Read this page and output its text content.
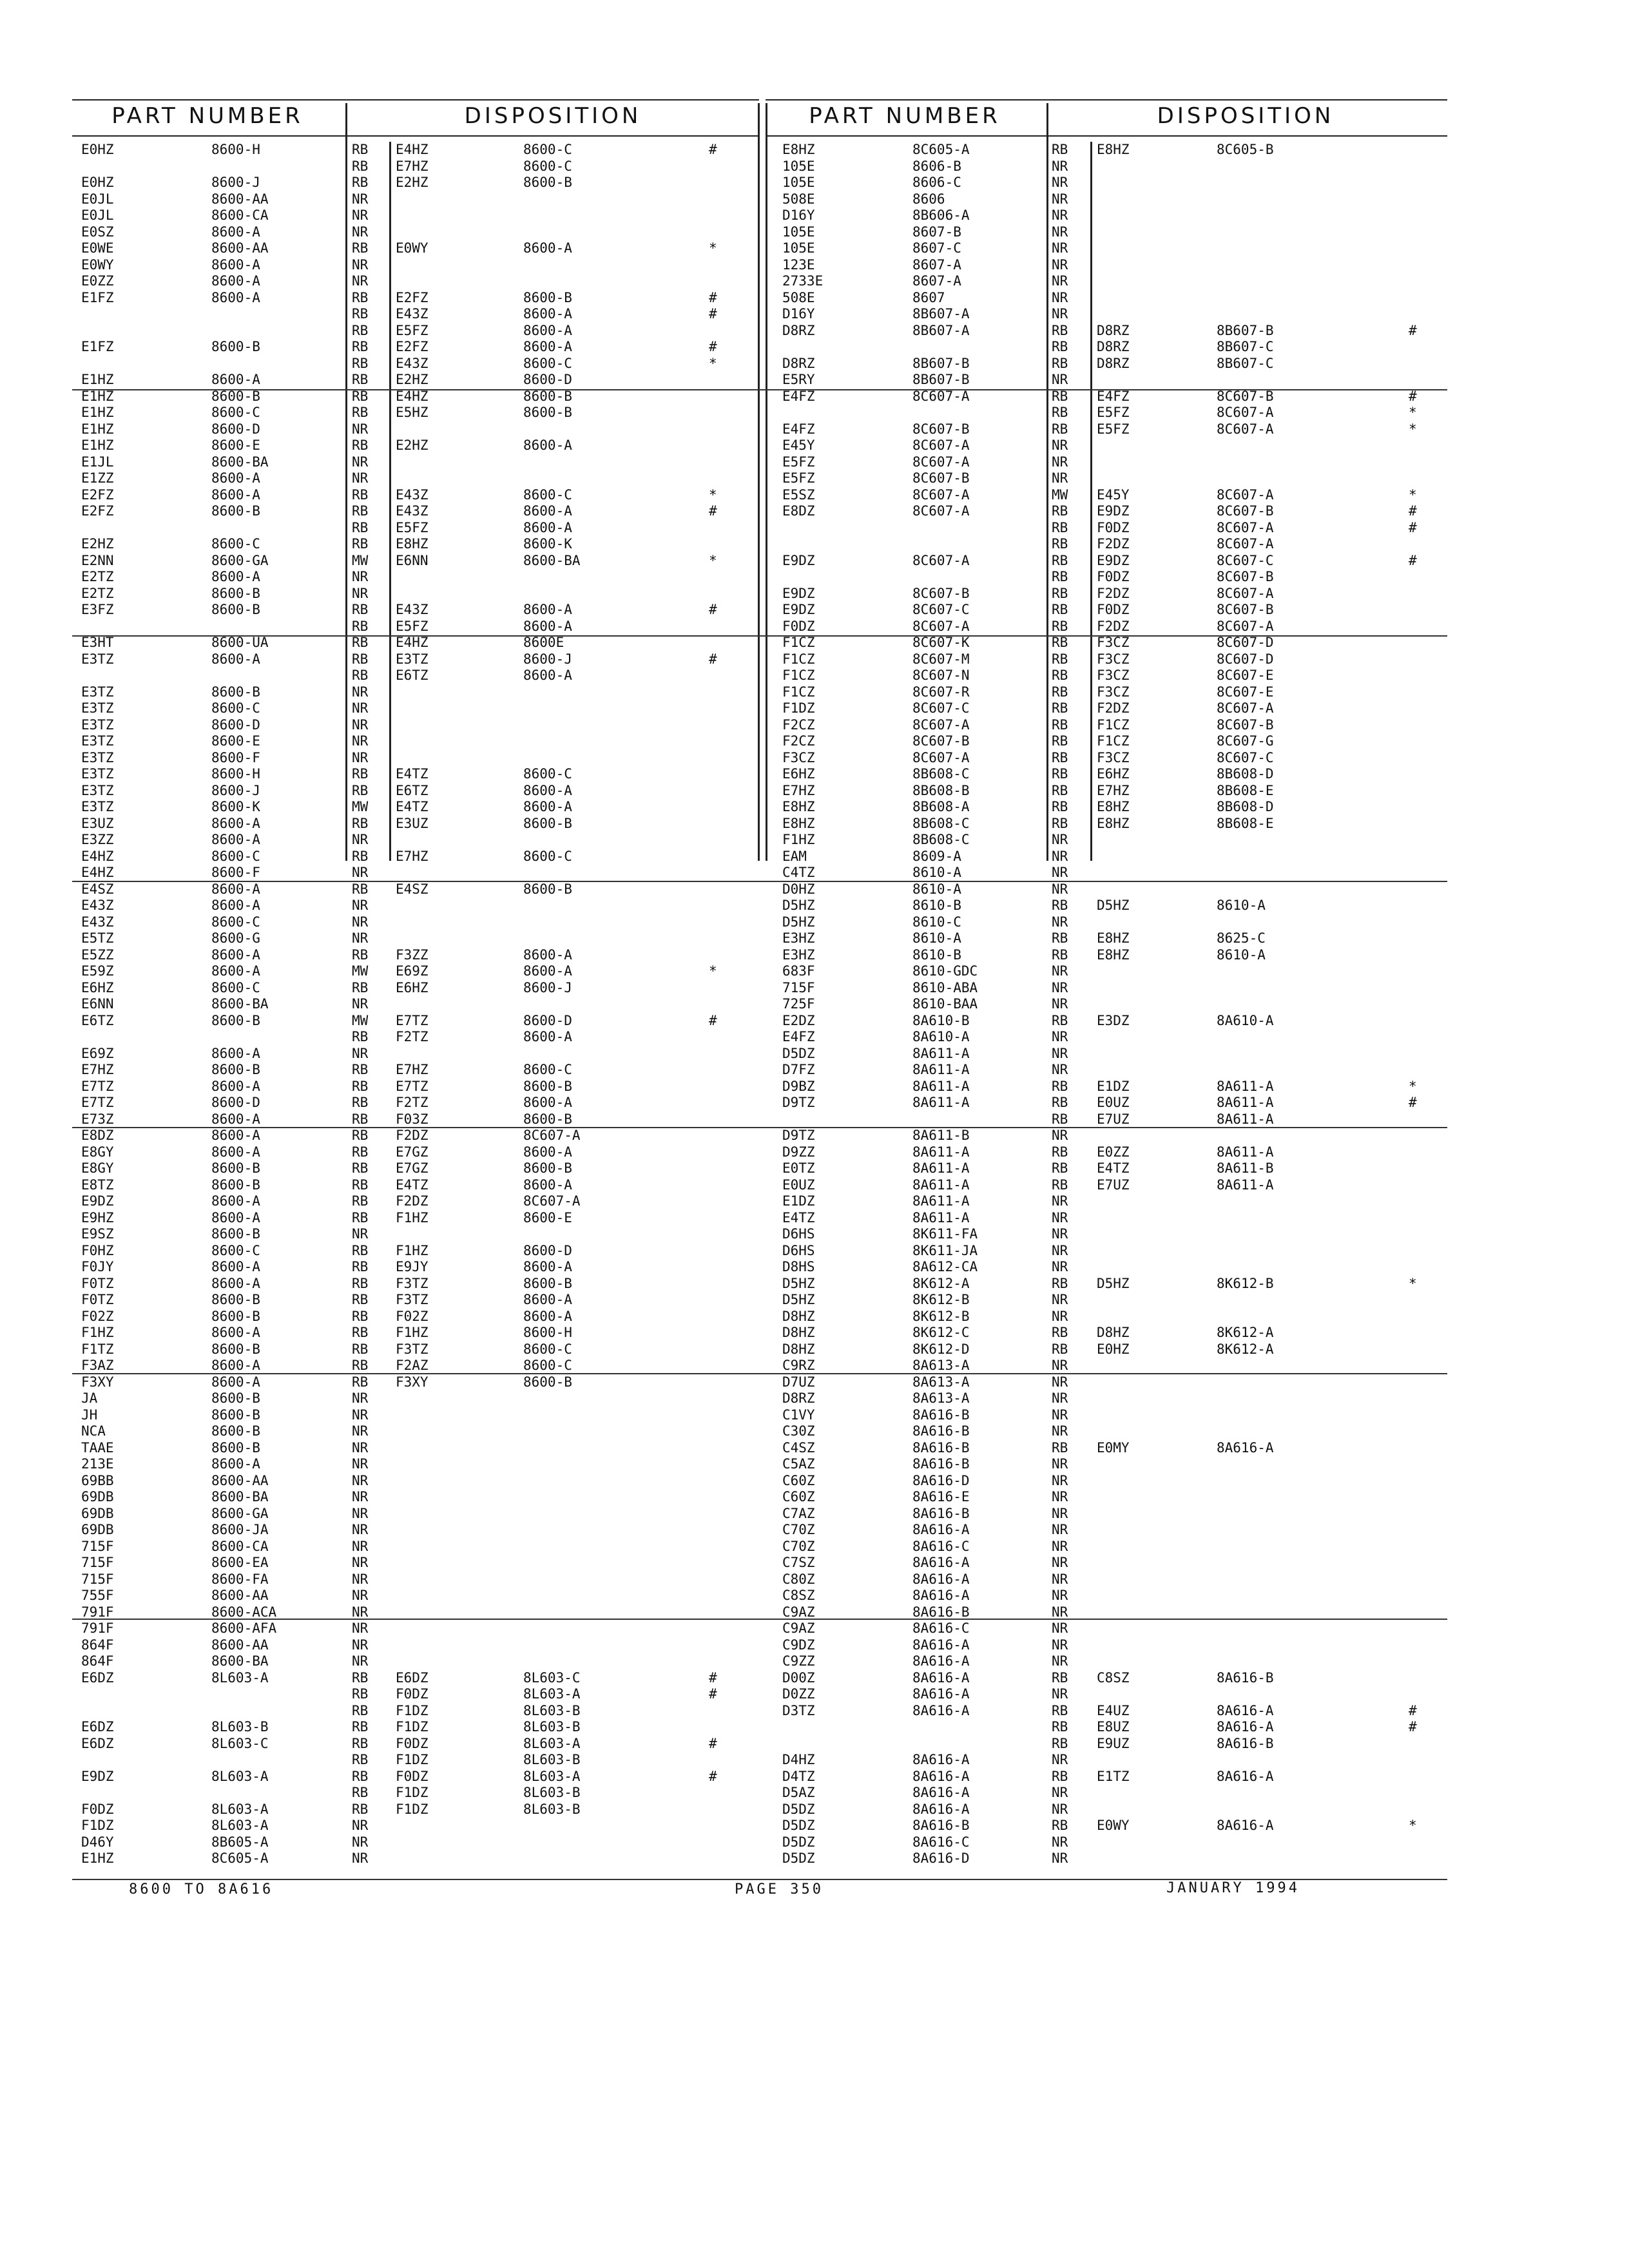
PART NUMBER	DISPOSITION
E0HZ	8600-H	RB E4HZ	8600-C	#
RB E7HZ	8600-C
E0HZ	8600-J	RB E2HZ	8600-B
E0JL	8600-AA	NR
E0JL	8600-CA	NR
E0SZ	8600-A	NR
E0WE	8600-AA	RB E0WY	8600-A	*
E0WY	8600-A	NR
E0ZZ	8600-A	NR
E1FZ	8600-A	RB E2FZ	8600-B	#
RB E43Z	8600-A	#
RB E5FZ	8600-A
E1FZ	8600-B	RB E2FZ	8600-A	#
RB E43Z	8600-C	*
E1HZ	8600-A	RB E2HZ	8600-D
E1HZ	8600-B	RB E4HZ	8600-B
E1HZ	8600-C	RB E5HZ	8600-B
E1HZ	8600-D	NR
E1HZ	8600-E	RB E2HZ	8600-A
E1JL	8600-BA	NR
E1ZZ	8600-A	NR
E2FZ	8600-A	RB E43Z	8600-C	*
E2FZ	8600-B	RB E43Z	8600-A	#
RB E5FZ	8600-A
E2HZ	8600-C	RB E8HZ	8600-K
E2NN	8600-GA	MW E6NN	8600-BA	*
E2TZ	8600-A	NR
E2TZ	8600-B	NR
E3FZ	8600-B	RB E43Z	8600-A	#
RB E5FZ	8600-A
E3HT	8600-UA	RB E4HZ	8600E
E3TZ	8600-A	RB E3TZ	8600-J	#
RB E6TZ	8600-A
E3TZ	8600-B	NR
E3TZ	8600-C	NR
E3TZ	8600-D	NR
E3TZ	8600-E	NR
E3TZ	8600-F	NR
E3TZ	8600-H	RB E4TZ	8600-C
E3TZ	8600-J	RB E6TZ	8600-A
E3TZ	8600-K	MW E4TZ	8600-A
E3UZ	8600-A	RB E3UZ	8600-B
E3ZZ	8600-A	NR
E4HZ	8600-C	RB E7HZ	8600-C
E4HZ	8600-F	NR
E4SZ	8600-A	RB E4SZ	8600-B
E43Z	8600-A	NR
E43Z	8600-C	NR
E5TZ	8600-G	NR
E5ZZ	8600-A	RB F3ZZ	8600-A
E59Z	8600-A	MW E69Z	8600-A	*
E6HZ	8600-C	RB E6HZ	8600-J
E6NN	8600-BA	NR
E6TZ	8600-B	MW E7TZ	8600-D	#
RB F2TZ	8600-A
E69Z	8600-A	NR
E7HZ	8600-B	RB E7HZ	8600-C
E7TZ	8600-A	RB E7TZ	8600-B
E7TZ	8600-D	RB F2TZ	8600-A
E73Z	8600-A	RB F03Z	8600-B
E8DZ	8600-A	RB F2DZ	8C607-A
E8GY	8600-A	RB E7GZ	8600-A
E8GY	8600-B	RB E7GZ	8600-B
E8TZ	8600-B	RB E4TZ	8600-A
E9DZ	8600-A	RB F2DZ	8C607-A
E9HZ	8600-A	RB F1HZ	8600-E
E9SZ	8600-B	NR
F0HZ	8600-C	RB F1HZ	8600-D
F0JY	8600-A	RB E9JY	8600-A
F0TZ	8600-A	RB F3TZ	8600-B
F0TZ	8600-B	RB F3TZ	8600-A
F02Z	8600-B	RB F02Z	8600-A
F1HZ	8600-A	RB F1HZ	8600-H
F1TZ	8600-B	RB F3TZ	8600-C
F3AZ	8600-A	RB F2AZ	8600-C
F3XY	8600-A	RB F3XY	8600-B
JA	8600-B	NR
JH	8600-B	NR
NCA	8600-B	NR
TAAE	8600-B	NR
213E	8600-A	NR
69BB	8600-AA	NR
69DB	8600-BA	NR
69DB	8600-GA	NR
69DB	8600-JA	NR
715F	8600-CA	NR
715F	8600-EA	NR
715F	8600-FA	NR
755F	8600-AA	NR
791F	8600-ACA	NR
791F	8600-AFA	NR
864F	8600-AA	NR
864F	8600-BA	NR
E6DZ	8L603-A	RB E6DZ	8L603-C	#
RB F0DZ	8L603-A	#
RB F1DZ	8L603-B
E6DZ	8L603-B	RB F1DZ	8L603-B
E6DZ	8L603-C	RB F0DZ	8L603-A	#
RB F1DZ	8L603-B
E9DZ	8L603-A	RB F0DZ	8L603-A	#
RB F1DZ	8L603-B
F0DZ	8L603-A	RB F1DZ	8L603-B
F1DZ	8L603-A	NR
D46Y	8B605-A	NR
E1HZ	8C605-A	NR
PART NUMBER	DISPOSITION
E8HZ	8C605-A	RB E8HZ	8C605-B
105E	8606-B	NR
105E	8606-C	NR
508E	8606	NR
D16Y	8B606-A	NR
105E	8607-B	NR
105E	8607-C	NR
123E	8607-A	NR
2733E	8607-A	NR
508E	8607	NR
D16Y	8B607-A	NR
D8RZ	8B607-A	RB D8RZ	8B607-B	#
RB D8RZ	8B607-C
D8RZ	8B607-B	RB D8RZ	8B607-C
E5RY	8B607-B	NR
E4FZ	8C607-A	RB E4FZ	8C607-B	#
RB E5FZ	8C607-A	*
E4FZ	8C607-B	RB E5FZ	8C607-A	*
E45Y	8C607-A	NR
E5FZ	8C607-A	NR
E5FZ	8C607-B	NR
E5SZ	8C607-A	MW E45Y	8C607-A	*
E8DZ	8C607-A	RB E9DZ	8C607-B	#
RB F0DZ	8C607-A	#
RB F2DZ	8C607-A
E9DZ	8C607-A	RB E9DZ	8C607-C	#
RB F0DZ	8C607-B
E9DZ	8C607-B	RB F2DZ	8C607-A
E9DZ	8C607-C	RB F0DZ	8C607-B
F0DZ	8C607-A	RB F2DZ	8C607-A
F1CZ	8C607-K	RB F3CZ	8C607-D
F1CZ	8C607-M	RB F3CZ	8C607-D
F1CZ	8C607-N	RB F3CZ	8C607-E
F1CZ	8C607-R	RB F3CZ	8C607-E
F1DZ	8C607-C	RB F2DZ	8C607-A
F2CZ	8C607-A	RB F1CZ	8C607-B
F2CZ	8C607-B	RB F1CZ	8C607-G
F3CZ	8C607-A	RB F3CZ	8C607-C
E6HZ	8B608-C	RB E6HZ	8B608-D
E7HZ	8B608-B	RB E7HZ	8B608-E
E8HZ	8B608-A	RB E8HZ	8B608-D
E8HZ	8B608-C	RB E8HZ	8B608-E
F1HZ	8B608-C	NR
EAM	8609-A	NR
C4TZ	8610-A	NR
D0HZ	8610-A	NR
D5HZ	8610-B	RB D5HZ	8610-A
D5HZ	8610-C	NR
E3HZ	8610-A	RB E8HZ	8625-C
E3HZ	8610-B	RB E8HZ	8610-A
683F	8610-GDC	NR
715F	8610-ABA	NR
725F	8610-BAA	NR
E2DZ	8A610-B	RB E3DZ	8A610-A
E4FZ	8A610-A	NR
D5DZ	8A611-A	NR
D7FZ	8A611-A	NR
D9BZ	8A611-A	RB E1DZ	8A611-A	*
D9TZ	8A611-A	RB E0UZ	8A611-A	#
RB E7UZ	8A611-A
D9TZ	8A611-B	NR
D9ZZ	8A611-A	RB E0ZZ	8A611-A
E0TZ	8A611-A	RB E4TZ	8A611-B
E0UZ	8A611-A	RB E7UZ	8A611-A
E1DZ	8A611-A	NR
E4TZ	8A611-A	NR
D6HS	8K611-FA	NR
D6HS	8K611-JA	NR
D8HS	8A612-CA	NR
D5HZ	8K612-A	RB D5HZ	8K612-B	*
D5HZ	8K612-B	NR
D8HZ	8K612-B	NR
D8HZ	8K612-C	RB D8HZ	8K612-A
D8HZ	8K612-D	RB E0HZ	8K612-A
C9RZ	8A613-A	NR
D7UZ	8A613-A	NR
D8RZ	8A613-A	NR
C1VY	8A616-B	NR
C30Z	8A616-B	NR
C4SZ	8A616-B	RB E0MY	8A616-A
C5AZ	8A616-B	NR
C60Z	8A616-D	NR
C60Z	8A616-E	NR
C7AZ	8A616-B	NR
C70Z	8A616-A	NR
C70Z	8A616-C	NR
C7SZ	8A616-A	NR
C80Z	8A616-A	NR
C8SZ	8A616-A	NR
C9AZ	8A616-B	NR
C9AZ	8A616-C	NR
C9DZ	8A616-A	NR
C9ZZ	8A616-A	NR
D00Z	8A616-A	RB C8SZ	8A616-B
D0ZZ	8A616-A	NR
D3TZ	8A616-A	RB E4UZ	8A616-A	#
RB E8UZ	8A616-A	#
RB E9UZ	8A616-B
D4HZ	8A616-A	NR
D4TZ	8A616-A	RB E1TZ	8A616-A
D5AZ	8A616-A	NR
D5DZ	8A616-A	NR
D5DZ	8A616-B	RB E0WY	8A616-A	*
D5DZ	8A616-C	NR
D5DZ	8A616-D	NR
8600 TO 8A616	PAGE 350	JANUARY 1994
